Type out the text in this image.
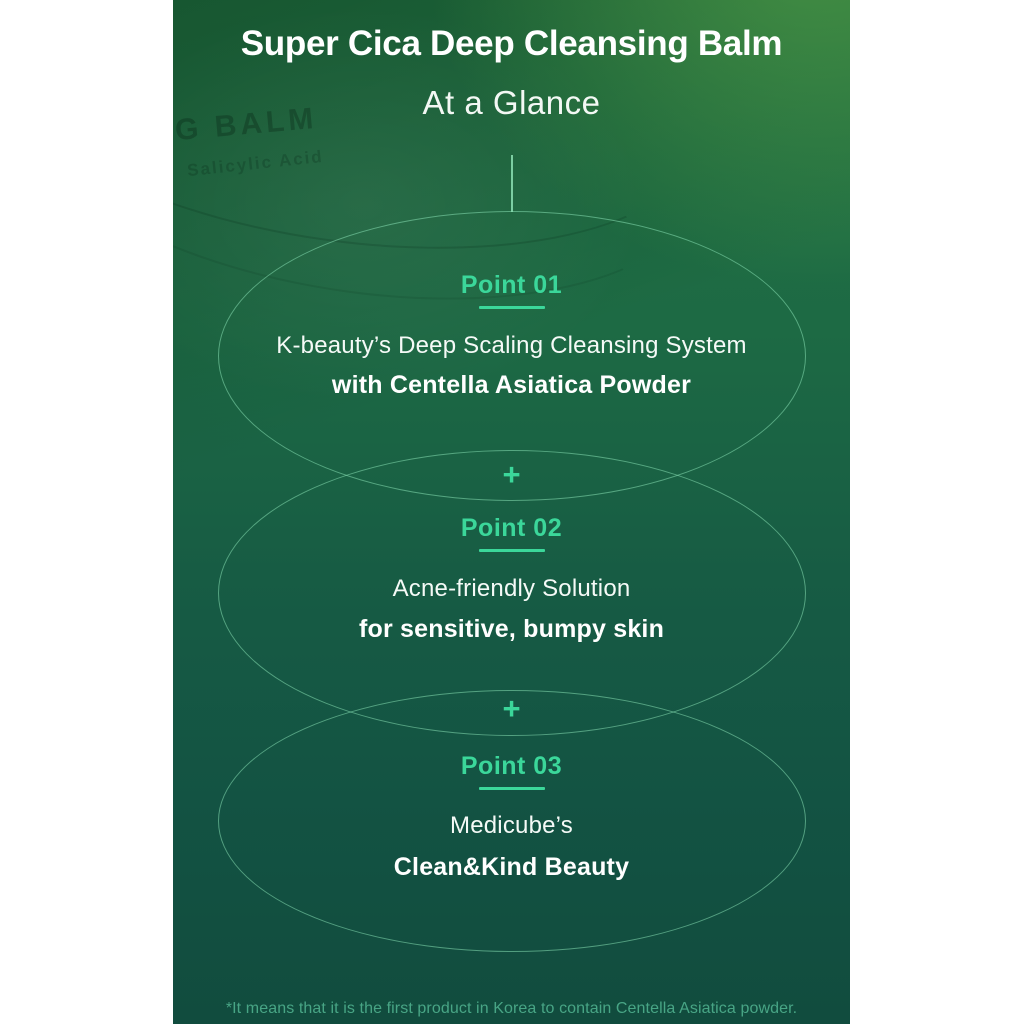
G BALM
Salicylic Acid
Super Cica Deep Cleansing Balm
At a Glance
Point 01
K-beauty’s Deep Scaling Cleansing System
with Centella Asiatica Powder
+
Point 02
Acne-friendly Solution
for sensitive, bumpy skin
+
Point 03
Medicube’s
Clean&Kind Beauty
*It means that it is the first product in Korea to contain Centella Asiatica powder.
